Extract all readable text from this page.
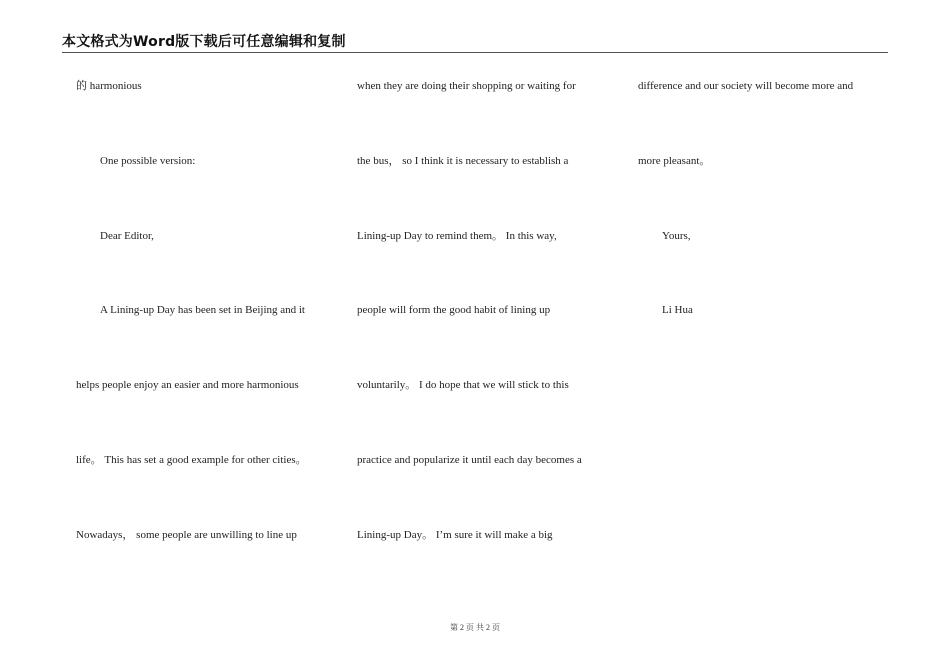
本文格式为Word版下载后可任意编辑和复制
的 harmonious
One possible version:
Dear Editor,
A Lining-up Day has been set in Beijing and it
helps people enjoy an easier and more harmonious
life。 This has set a good example for other cities。
Nowadays， some people are unwilling to line up
when they are doing their shopping or waiting for
the bus， so I think it is necessary to establish a
Lining-up Day to remind them。 In this way,
people will form the good habit of lining up
voluntarily。 I do hope that we will stick to this
practice and popularize it until each day becomes a
Lining-up Day。 I’m sure it will make a big
difference and our society will become more and
more pleasant。
Yours,
Li Hua
第 2 页 共 2 页
